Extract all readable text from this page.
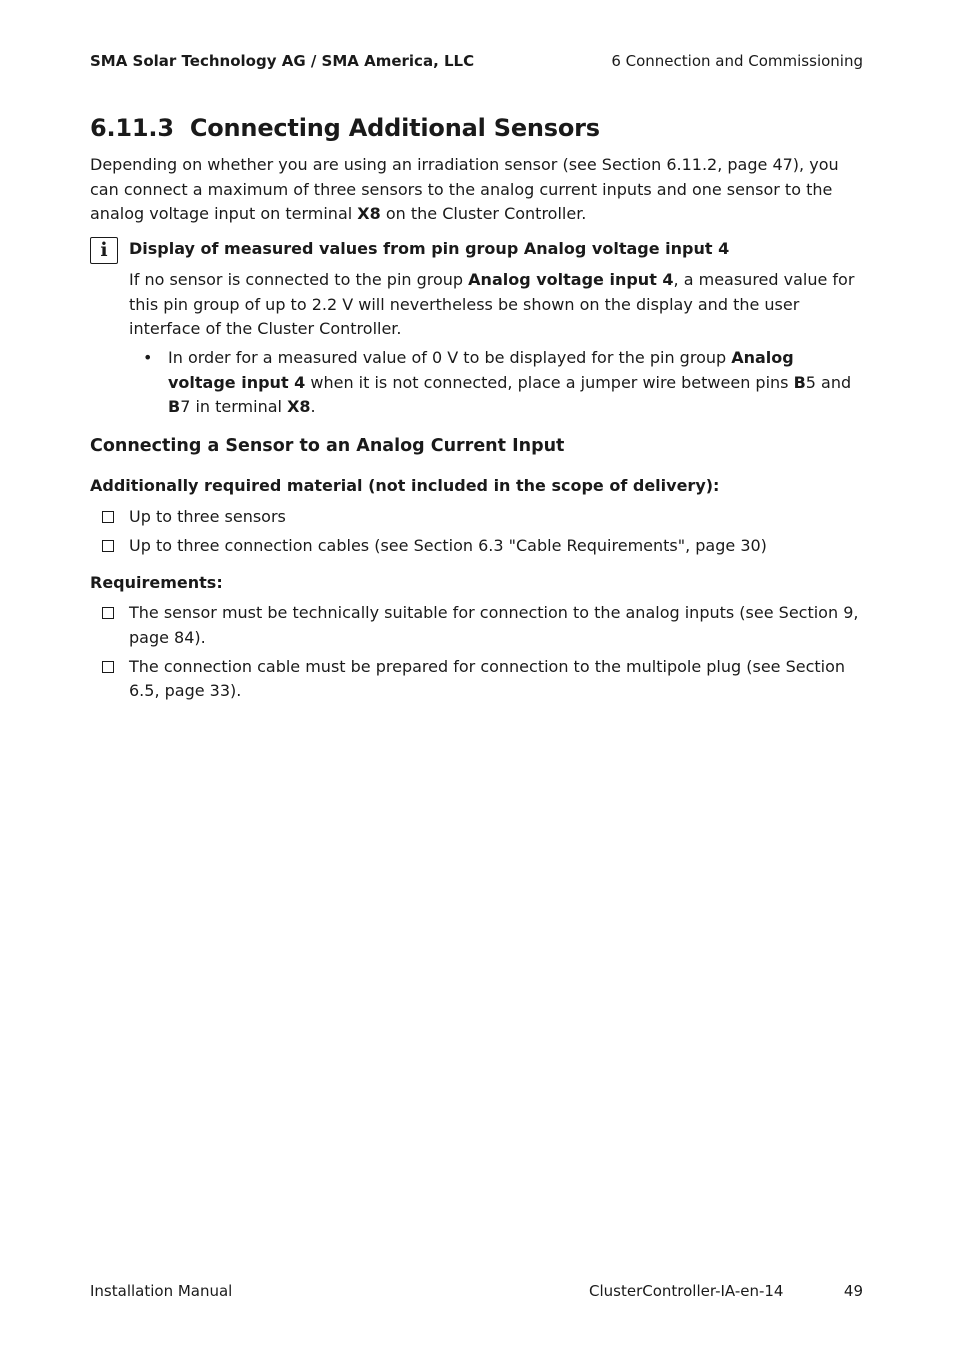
SMA Solar Technology AG / SMA America, LLC	6 Connection and Commissioning
6.11.3 Connecting Additional Sensors

Depending on whether you are using an irradiation sensor (see Section 6.11.2, page 47), you can connect a maximum of three sensors to the analog current inputs and one sensor to the analog voltage input on terminal X8 on the Cluster Controller.

i	Display of measured values from pin group Analog voltage input 4

If no sensor is connected to the pin group Analog voltage input 4, a measured value for this pin group of up to 2.2 V will nevertheless be shown on the display and the user interface of the Cluster Controller.

• In order for a measured value of 0 V to be displayed for the pin group Analog voltage input 4 when it is not connected, place a jumper wire between pins B5 and B7 in terminal X8.
Connecting a Sensor to an Analog Current Input
Additionally required material (not included in the scope of delivery):
Up to three sensors
Up to three connection cables (see Section 6.3 "Cable Requirements", page 30)
Requirements:
The sensor must be technically suitable for connection to the analog inputs (see Section 9, page 84).
The connection cable must be prepared for connection to the multipole plug (see Section 6.5, page 33).
Installation Manual	ClusterController-IA-en-14	49
